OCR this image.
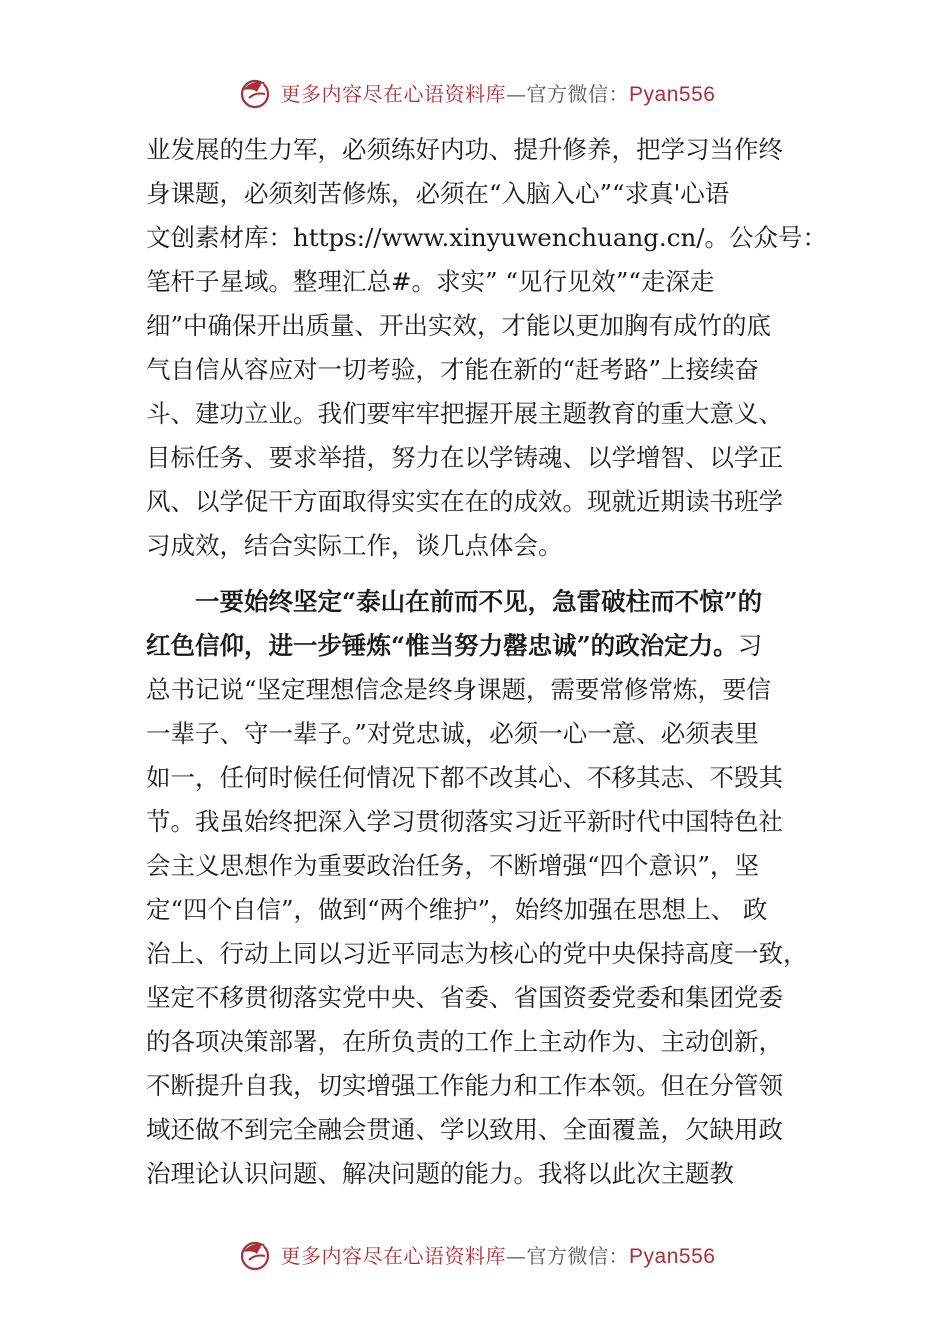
更多内容尽在心语资料库—官方微信：Pyan556
业发展的生力军，必须练好内功、提升修养，把学习当作终
身课题，必须刻苦修炼，必须在“入脑入心”“求真'心语
文创素材库：https://www.xinyuwenchuang.cn/。公众号：
笔杆子星域。整理汇总#。求实” “见行见效”“走深走
细”中确保开出质量、开出实效，才能以更加胸有成竹的底
气自信从容应对一切考验，才能在新的“赶考路”上接续奋
斗、建功立业。我们要牢牢把握开展主题教育的重大意义、
目标任务、要求举措，努力在以学铸魂、以学增智、以学正
风、以学促干方面取得实实在在的成效。现就近期读书班学
习成效，结合实际工作，谈几点体会。
一要始终坚定“泰山在前而不见，急雷破柱而不惊”的
红色信仰，进一步锤炼“惟当努力罄忠诚”的政治定力。习
总书记说“坚定理想信念是终身课题，需要常修常炼，要信
一辈子、守一辈子。”对党忠诚，必须一心一意、必须表里
如一，任何时候任何情况下都不改其心、不移其志、不毁其
节。我虽始终把深入学习贯彻落实习近平新时代中国特色社
会主义思想作为重要政治任务，不断增强“四个意识”，坚
定“四个自信”，做到“两个维护”，始终加强在思想上、 政
治上、行动上同以习近平同志为核心的党中央保持高度一致，
坚定不移贯彻落实党中央、省委、省国资委党委和集团党委
的各项决策部署，在所负责的工作上主动作为、主动创新，
不断提升自我，切实增强工作能力和工作本领。但在分管领
域还做不到完全融会贯通、学以致用、全面覆盖，欠缺用政
治理论认识问题、解决问题的能力。我将以此次主题教
更多内容尽在心语资料库—官方微信：Pyan556
